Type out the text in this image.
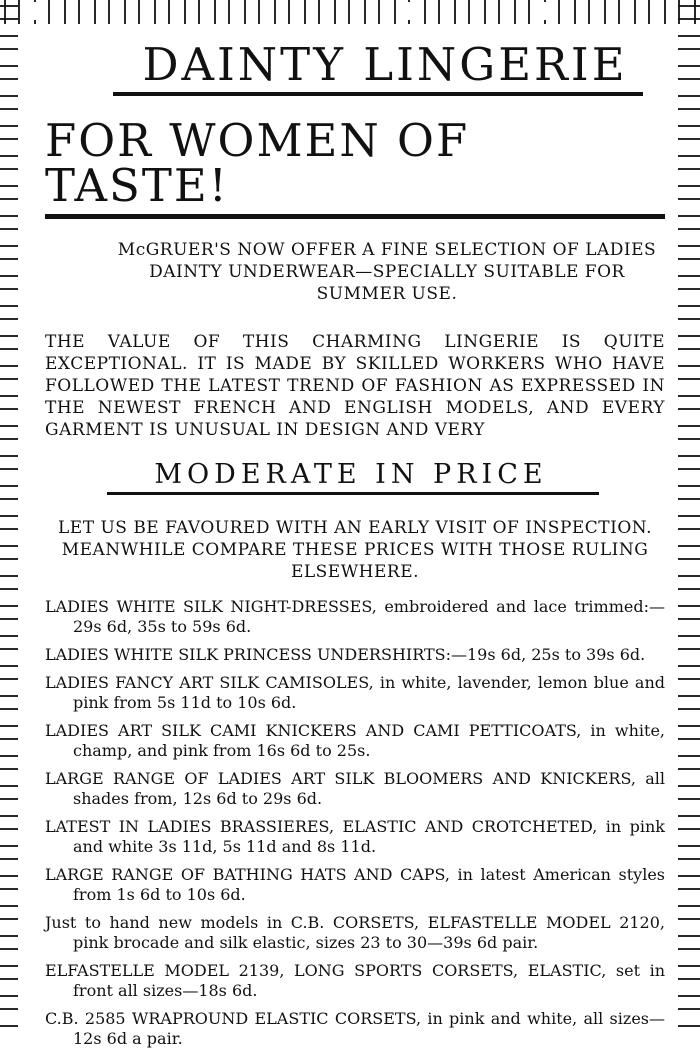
DAINTY LINGERIE
FOR WOMEN OF TASTE!
McGRUER'S NOW OFFER A FINE SELECTION OF LADIES DAINTY UNDERWEAR—SPECIALLY SUITABLE FOR SUMMER USE.
THE VALUE OF THIS CHARMING LINGERIE IS QUITE EXCEPTIONAL. IT IS MADE BY SKILLED WORKERS WHO HAVE FOLLOWED THE LATEST TREND OF FASHION AS EXPRESSED IN THE NEWEST FRENCH AND ENGLISH MODELS, AND EVERY GARMENT IS UNUSUAL IN DESIGN AND VERY
MODERATE IN PRICE
LET US BE FAVOURED WITH AN EARLY VISIT OF INSPECTION. MEANWHILE COMPARE THESE PRICES WITH THOSE RULING ELSEWHERE.
LADIES WHITE SILK NIGHT-DRESSES, embroidered and lace trimmed:—29s 6d, 35s to 59s 6d.
LADIES WHITE SILK PRINCESS UNDERSHIRTS:—19s 6d, 25s to 39s 6d.
LADIES FANCY ART SILK CAMISOLES, in white, lavender, lemon blue and pink from 5s 11d to 10s 6d.
LADIES ART SILK CAMI KNICKERS AND CAMI PETTICOATS, in white, champ, and pink from 16s 6d to 25s.
LARGE RANGE OF LADIES ART SILK BLOOMERS AND KNICKERS, all shades from, 12s 6d to 29s 6d.
LATEST IN LADIES BRASSIERES, ELASTIC AND CROTCHETED, in pink and white 3s 11d, 5s 11d and 8s 11d.
LARGE RANGE OF BATHING HATS AND CAPS, in latest American styles from 1s 6d to 10s 6d.
Just to hand new models in C.B. CORSETS, ELFASTELLE MODEL 2120, pink brocade and silk elastic, sizes 23 to 30—39s 6d pair.
ELFASTELLE MODEL 2139, LONG SPORTS CORSETS, ELASTIC, set in front all sizes—18s 6d.
C.B. 2585 WRAPROUND ELASTIC CORSETS, in pink and white, all sizes—12s 6d a pair.
